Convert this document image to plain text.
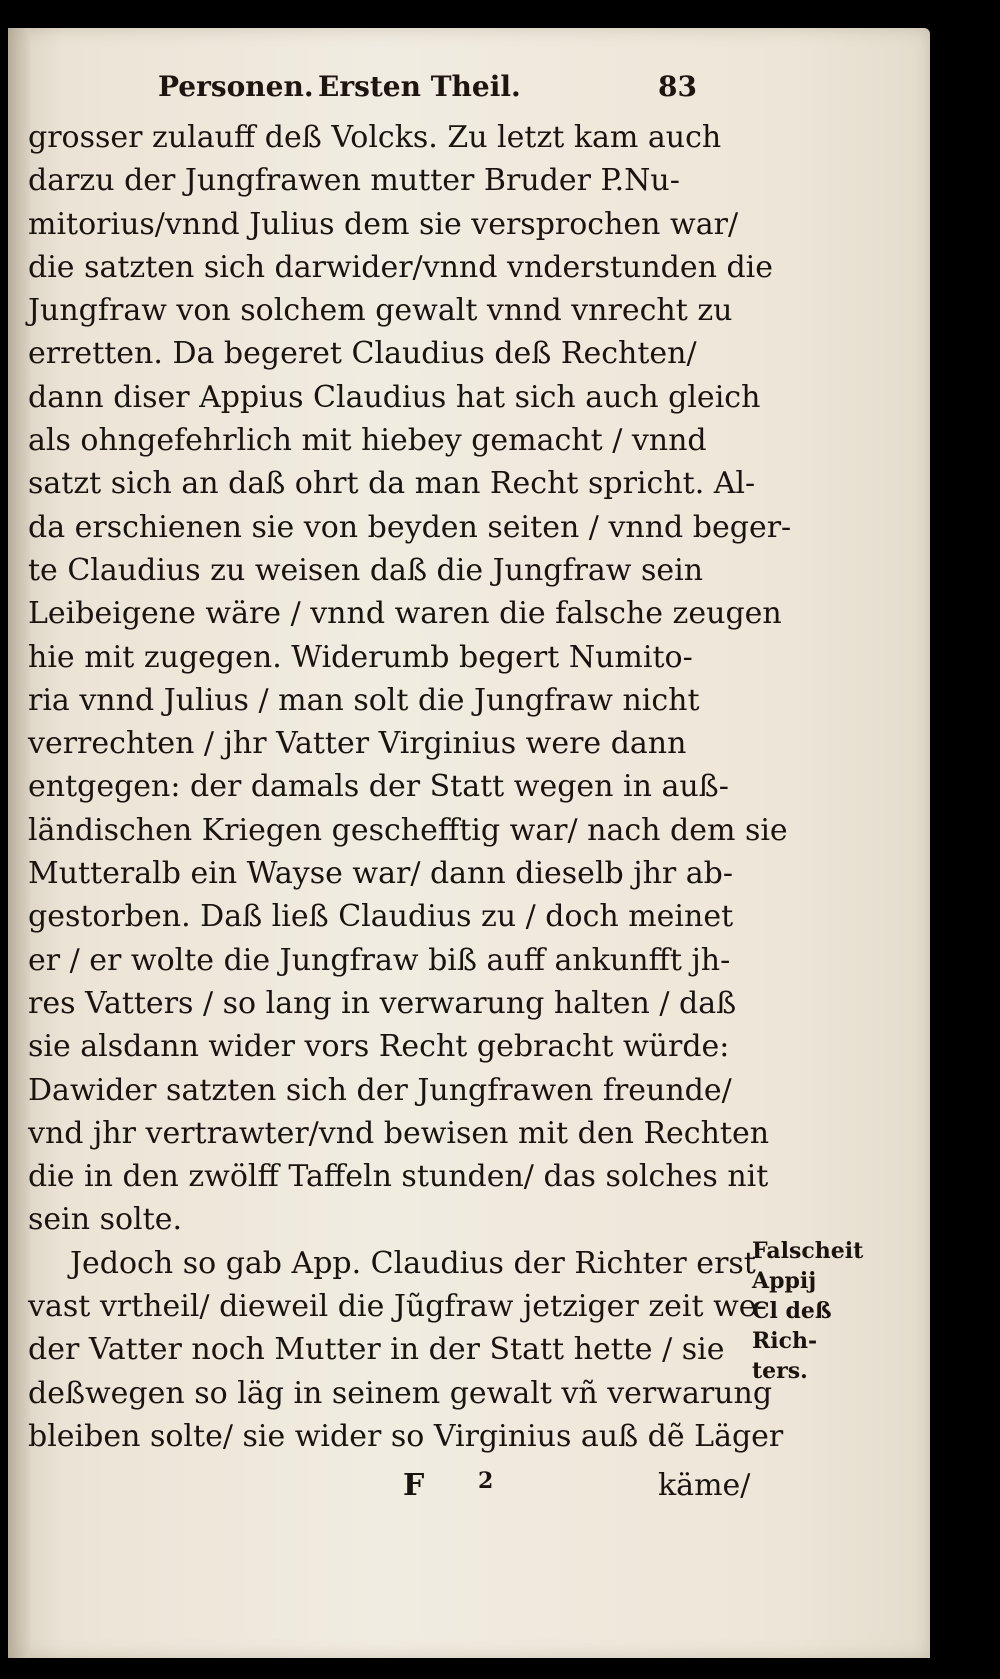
Personen. Ersten Theil.	83
grosser zulauff deß Volcks. Zu letzt kam auch
darzu der Jungfrawen mutter Bruder P.Nu-
mitorius/vnnd Julius dem sie versprochen war/
die satzten sich darwider/vnnd vnderstunden die
Jungfraw von solchem gewalt vnnd vnrecht zu
erretten. Da begeret Claudius deß Rechten/
dann diser Appius Claudius hat sich auch gleich
als ohngefehrlich mit hiebey gemacht / vnnd
satzt sich an daß ohrt da man Recht spricht. Al-
da erschienen sie von beyden seiten / vnnd beger-
te Claudius zu weisen daß die Jungfraw sein
Leibeigene wäre / vnnd waren die falsche zeugen
hie mit zugegen. Widerumb begert Numito-
ria vnnd Julius / man solt die Jungfraw nicht
verrechten / jhr Vatter Virginius were dann
entgegen: der damals der Statt wegen in auß-
ländischen Kriegen geschefftig war/ nach dem sie
Mutteralb ein Wayse war/ dann dieselb jhr ab-
gestorben. Daß ließ Claudius zu / doch meinet
er / er wolte die Jungfraw biß auff ankunfft jh-
res Vatters / so lang in verwarung halten / daß
sie alsdann wider vors Recht gebracht würde:
Dawider satzten sich der Jungfrawen freunde/
vnd jhr vertrawter/vnd bewisen mit den Rechten
die in den zwölff Taffeln stunden/ das solches nit
sein solte.
Jedoch so gab App. Claudius der Richter erst
vast vrtheil/ dieweil die Jũgfraw jetziger zeit we-
der Vatter noch Mutter in der Statt hette / sie
deßwegen so läg in seinem gewalt vñ verwarung
bleiben solte/ sie wider so Virginius auß dẽ Läger
Falscheit
Appij
Cl deß
Rich-
ters.
F 2	käme/
